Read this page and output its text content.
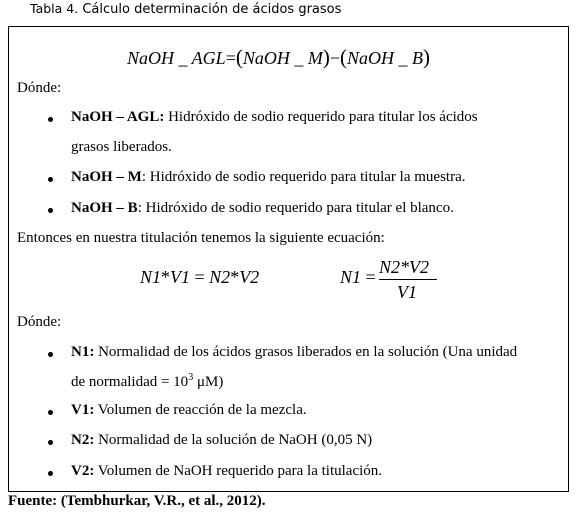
Tabla 4. Cálculo determinación de ácidos grasos
NaOH _ AGL=(NaOH _ M)−(NaOH _ B)
Dónde:
NaOH – AGL: Hidróxido de sodio requerido para titular los ácidos
grasos liberados.
NaOH – M: Hidróxido de sodio requerido para titular la muestra.
NaOH – B: Hidróxido de sodio requerido para titular el blanco.
Entonces en nuestra titulación tenemos la siguiente ecuación:
N1*V1 = N2*V2	N1 = N2*V2
V1
Dónde:
N1: Normalidad de los ácidos grasos liberados en la solución (Una unidad
de normalidad = $10^3$ μM)
V1: Volumen de reacción de la mezcla.
N2: Normalidad de la solución de NaOH (0,05 N)
V2: Volumen de NaOH requerido para la titulación.
Fuente: (Tembhurkar, V.R., et al., 2012).
